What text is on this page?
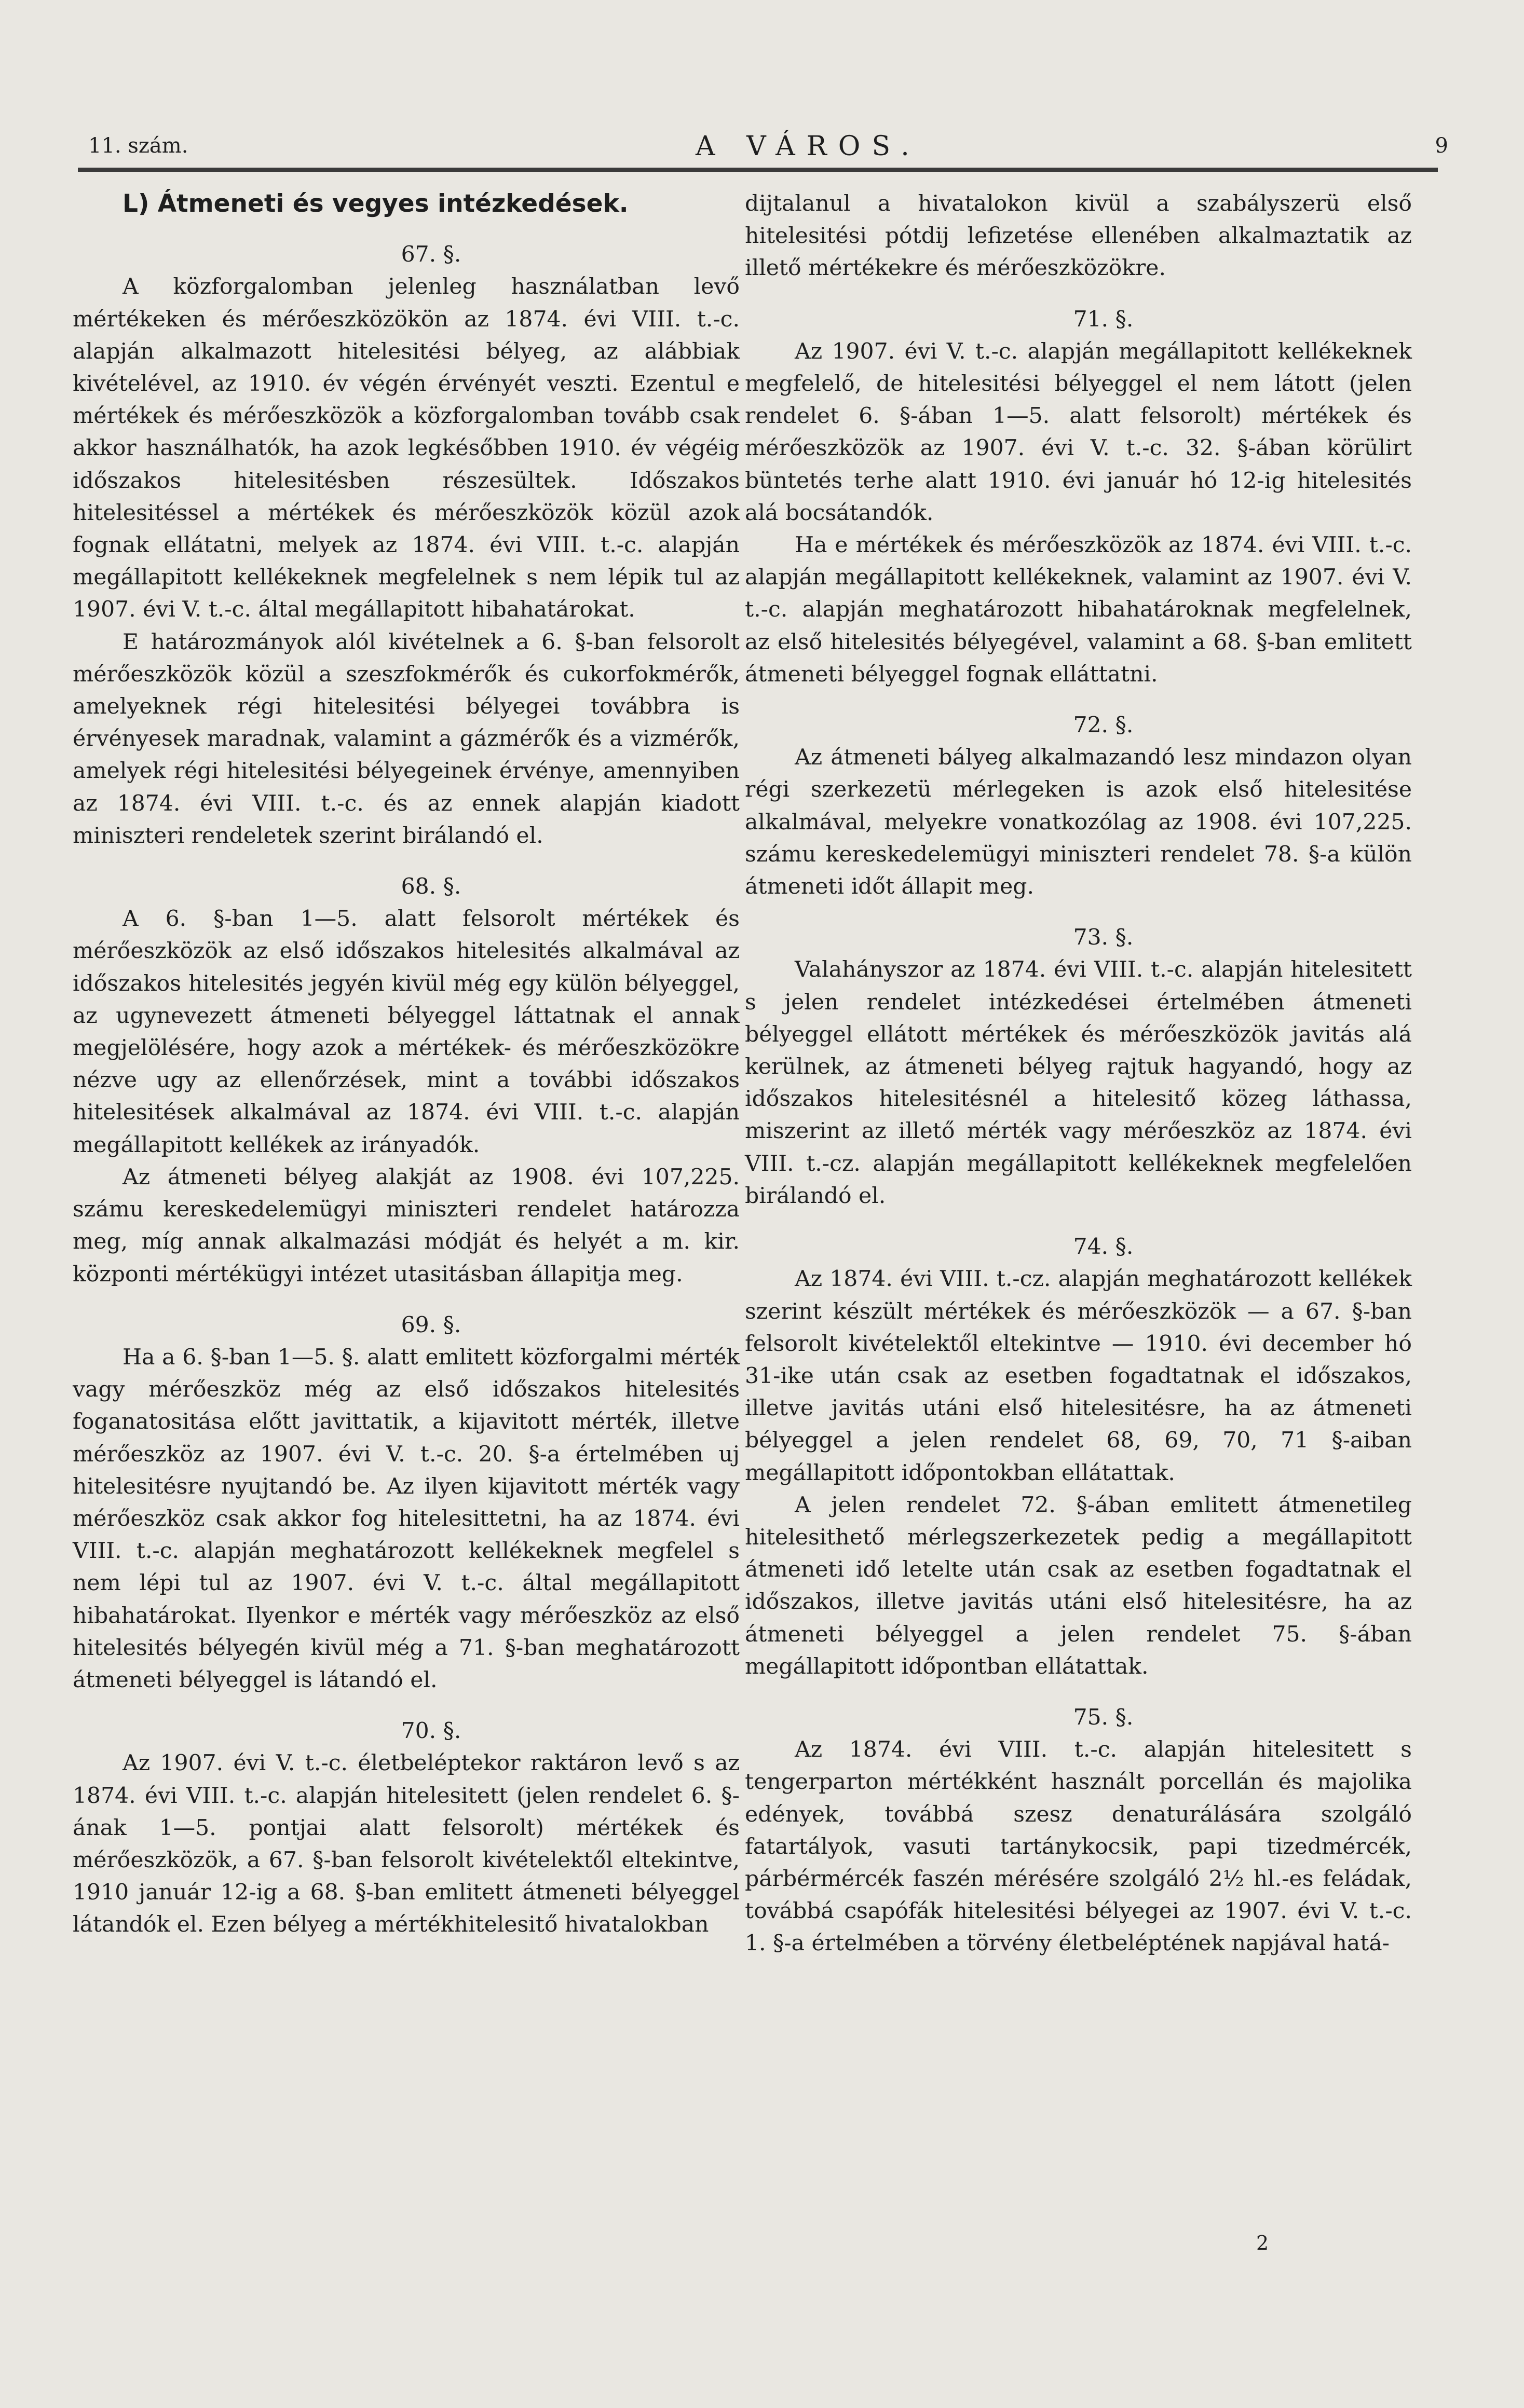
11. szám.	A VÁROS.	9

L) Átmeneti és vegyes intézkedések.

67. §.

A közforgalomban jelenleg használatban levő mértékeken és mérőeszközökön az 1874. évi VIII. t.-c. alapján alkalmazott hitelesitési bélyeg, az alábbiak kivételével, az 1910. év végén érvényét veszti. Ezentul e mértékek és mérőeszközök a közforgalomban tovább csak akkor használhatók, ha azok legkésőbben 1910. év végéig időszakos hitelesitésben részesültek. Időszakos hitelesitéssel a mértékek és mérőeszközök közül azok fognak ellátatni, melyek az 1874. évi VIII. t.-c. alapján megállapitott kellékeknek megfelelnek s nem lépik tul az 1907. évi V. t.-c. által megállapitott hibahatárokat.

E határozmányok alól kivételnek a 6. §-ban felsorolt mérőeszközök közül a szeszfokmérők és cukorfokmérők, amelyeknek régi hitelesitési bélyegei továbbra is érvényesek maradnak, valamint a gázmérők és a vizmérők, amelyek régi hitelesitési bélyegeinek érvénye, amennyiben az 1874. évi VIII. t.-c. és az ennek alapján kiadott miniszteri rendeletek szerint birálandó el.

68. §.

A 6. §-ban 1—5. alatt felsorolt mértékek és mérőeszközök az első időszakos hitelesités alkalmával az időszakos hitelesités jegyén kivül még egy külön bélyeggel, az ugynevezett átmeneti bélyeggel láttatnak el annak megjelölésére, hogy azok a mértékek- és mérőeszközökre nézve ugy az ellenőrzések, mint a további időszakos hitelesitések alkalmával az 1874. évi VIII. t.-c. alapján megállapitott kellékek az irányadók.

Az átmeneti bélyeg alakját az 1908. évi 107,225. számu kereskedelemügyi miniszteri rendelet határozza meg, míg annak alkalmazási módját és helyét a m. kir. központi mértékügyi intézet utasitásban állapitja meg.

69. §.

Ha a 6. §-ban 1—5. §. alatt emlitett közforgalmi mérték vagy mérőeszköz még az első időszakos hitelesités foganatositása előtt javittatik, a kijavitott mérték, illetve mérőeszköz az 1907. évi V. t.-c. 20. §-a értelmében uj hitelesitésre nyujtandó be. Az ilyen kijavitott mérték vagy mérőeszköz csak akkor fog hitelesittetni, ha az 1874. évi VIII. t.-c. alapján meghatározott kellékeknek megfelel s nem lépi tul az 1907. évi V. t.-c. által megállapitott hibahatárokat. Ilyenkor e mérték vagy mérőeszköz az első hitelesités bélyegén kivül még a 71. §-ban meghatározott átmeneti bélyeggel is látandó el.

70. §.

Az 1907. évi V. t.-c. életbeléptekor raktáron levő s az 1874. évi VIII. t.-c. alapján hitelesitett (jelen rendelet 6. §-ának 1—5. pontjai alatt felsorolt) mértékek és mérőeszközök, a 67. §-ban felsorolt kivételektől eltekintve, 1910 január 12-ig a 68. §-ban emlitett átmeneti bélyeggel látandók el. Ezen bélyeg a mértékhitelesitő hivatalokban

dijtalanul a hivatalokon kivül a szabályszerü első hitelesitési pótdij lefizetése ellenében alkalmaztatik az illető mértékekre és mérőeszközökre.

71. §.

Az 1907. évi V. t.-c. alapján megállapitott kellékeknek megfelelő, de hitelesitési bélyeggel el nem látott (jelen rendelet 6. §-ában 1—5. alatt felsorolt) mértékek és mérőeszközök az 1907. évi V. t.-c. 32. §-ában körülirt büntetés terhe alatt 1910. évi január hó 12-ig hitelesités alá bocsátandók.

Ha e mértékek és mérőeszközök az 1874. évi VIII. t.-c. alapján megállapitott kellékeknek, valamint az 1907. évi V. t.-c. alapján meghatározott hibahatároknak megfelelnek, az első hitelesités bélyegével, valamint a 68. §-ban emlitett átmeneti bélyeggel fognak elláttatni.

72. §.

Az átmeneti bályeg alkalmazandó lesz mindazon olyan régi szerkezetü mérlegeken is azok első hitelesitése alkalmával, melyekre vonatkozólag az 1908. évi 107,225. számu kereskedelemügyi miniszteri rendelet 78. §-a külön átmeneti időt állapit meg.

73. §.

Valahányszor az 1874. évi VIII. t.-c. alapján hitelesitett s jelen rendelet intézkedései értelmében átmeneti bélyeggel ellátott mértékek és mérőeszközök javitás alá kerülnek, az átmeneti bélyeg rajtuk hagyandó, hogy az időszakos hitelesitésnél a hitelesitő közeg láthassa, miszerint az illető mérték vagy mérőeszköz az 1874. évi VIII. t.-cz. alapján megállapitott kellékeknek megfelelően birálandó el.

74. §.

Az 1874. évi VIII. t.-cz. alapján meghatározott kellékek szerint készült mértékek és mérőeszközök — a 67. §-ban felsorolt kivételektől eltekintve — 1910. évi december hó 31-ike után csak az esetben fogadtatnak el időszakos, illetve javitás utáni első hitelesitésre, ha az átmeneti bélyeggel a jelen rendelet 68, 69, 70, 71 §-aiban megállapitott időpontokban ellátattak.

A jelen rendelet 72. §-ában emlitett átmenetileg hitelesithető mérlegszerkezetek pedig a megállapitott átmeneti idő letelte után csak az esetben fogadtatnak el időszakos, illetve javitás utáni első hitelesitésre, ha az átmeneti bélyeggel a jelen rendelet 75. §-ában megállapitott időpontban ellátattak.

75. §.

Az 1874. évi VIII. t.-c. alapján hitelesitett s tengerparton mértékként használt porcellán és majolika edények, továbbá szesz denaturálására szolgáló fatartályok, vasuti tartánykocsik, papi tizedmércék, párbérmércék faszén mérésére szolgáló 2½ hl.-es feládak, továbbá csapófák hitelesitési bélyegei az 1907. évi V. t.-c. 1. §-a értelmében a törvény életbeléptének napjával hatá-

2
